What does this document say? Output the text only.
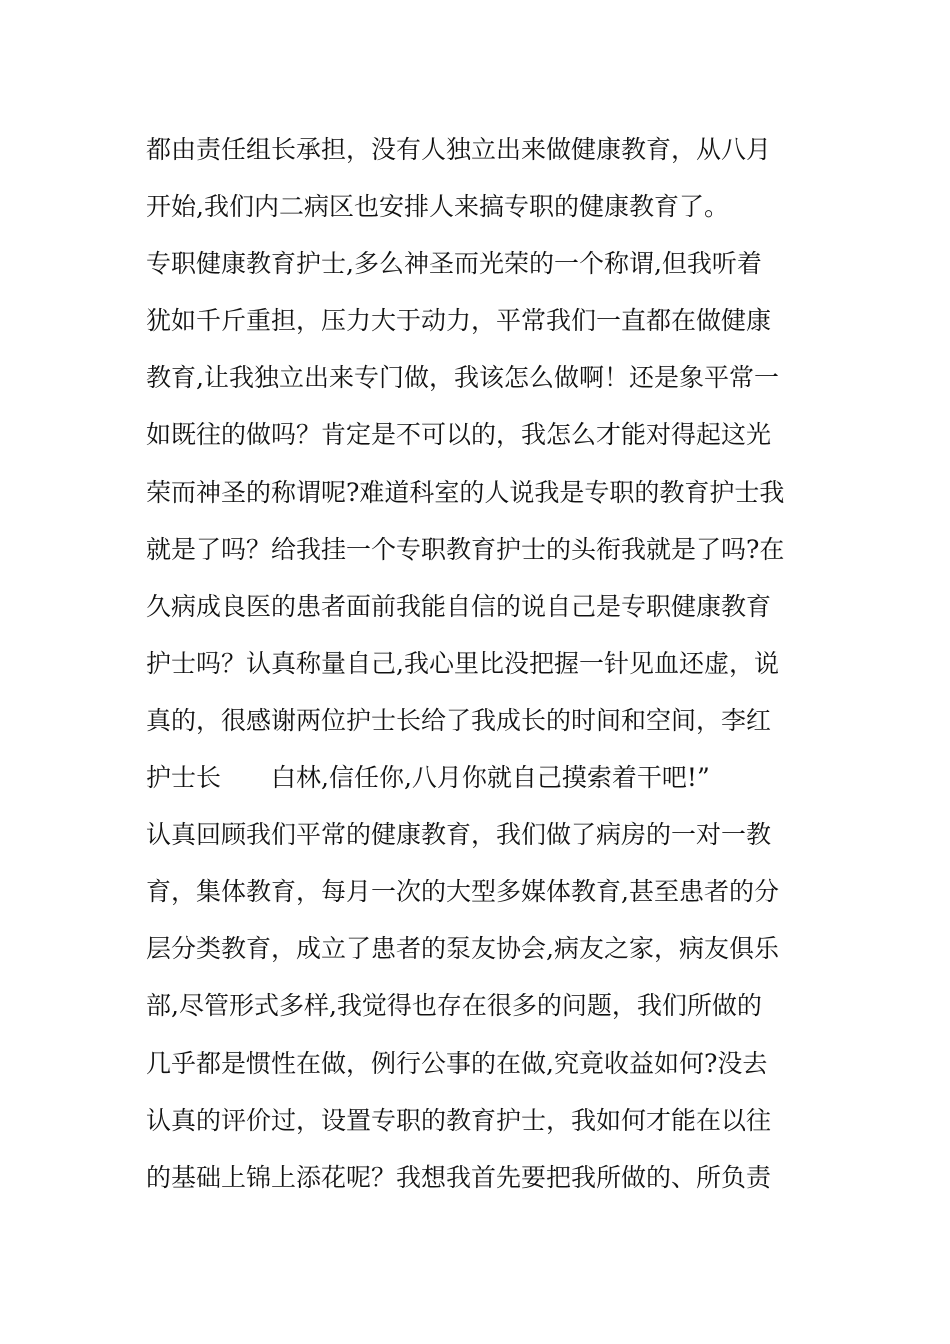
都由责任组长承担，没有人独立出来做健康教育，从八月
开始,我们内二病区也安排人来搞专职的健康教育了。
专职健康教育护士,多么神圣而光荣的一个称谓,但我听着
犹如千斤重担，压力大于动力，平常我们一直都在做健康
教育,让我独立出来专门做，我该怎么做啊！还是象平常一
如既往的做吗？肯定是不可以的，我怎么才能对得起这光
荣而神圣的称谓呢?难道科室的人说我是专职的教育护士我
就是了吗？给我挂一个专职教育护士的头衔我就是了吗?在
久病成良医的患者面前我能自信的说自己是专职健康教育
护士吗？认真称量自己,我心里比没把握一针见血还虚，说
真的，很感谢两位护士长给了我成长的时间和空间，李红
护士长　　白林,信任你,八月你就自己摸索着干吧!”
认真回顾我们平常的健康教育，我们做了病房的一对一教
育，集体教育，每月一次的大型多媒体教育,甚至患者的分
层分类教育，成立了患者的泵友协会,病友之家，病友俱乐
部,尽管形式多样,我觉得也存在很多的问题，我们所做的
几乎都是惯性在做，例行公事的在做,究竟收益如何?没去
认真的评价过，设置专职的教育护士，我如何才能在以往
的基础上锦上添花呢？我想我首先要把我所做的、所负责
